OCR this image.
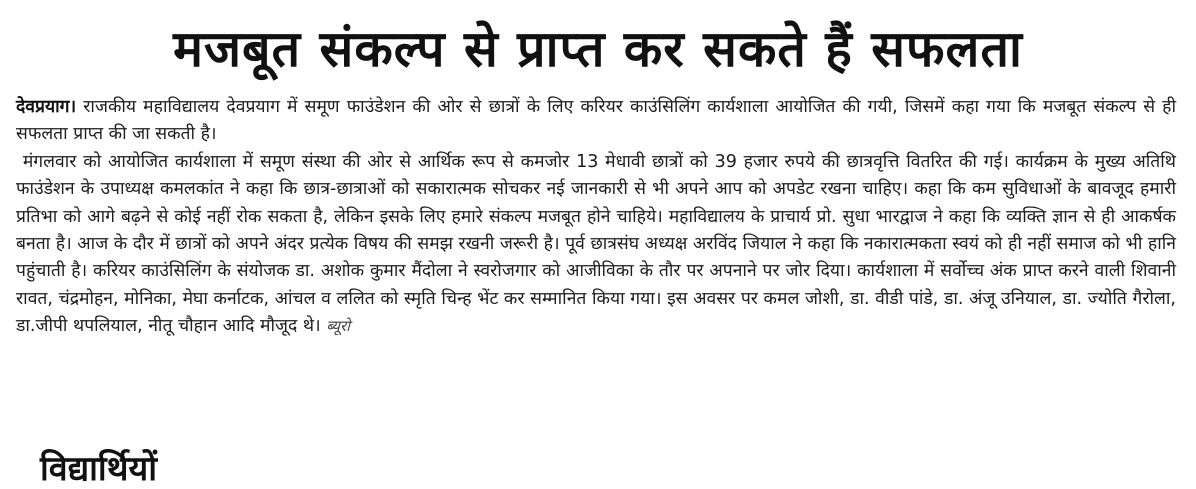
मजबूत संकल्प से प्राप्त कर सकते हैं सफलता

देवप्रयाग। राजकीय महाविद्यालय देवप्रयाग में समूण फाउंडेशन की ओर से छात्रों के लिए करियर काउंसिलिंग कार्यशाला आयोजित की गयी, जिसमें कहा गया कि मजबूत संकल्प से ही सफलता प्राप्त की जा सकती है।

मंगलवार को आयोजित कार्यशाला में समूण संस्था की ओर से आर्थिक रूप से कमजोर 13 मेधावी छात्रों को 39 हजार रुपये की छात्रवृत्ति वितरित की गई। कार्यक्रम के मुख्य अतिथि फाउंडेशन के उपाध्यक्ष कमलकांत ने कहा कि छात्र-छात्राओं को सकारात्मक सोचकर नई जानकारी से भी अपने आप को अपडेट रखना चाहिए। कहा कि कम सुविधाओं के बावजूद हमारी प्रतिभा को आगे बढ़ने से कोई नहीं रोक सकता है, लेकिन इसके लिए हमारे संकल्प मजबूत होने चाहिये। महाविद्यालय के प्राचार्य प्रो. सुधा भारद्वाज ने कहा कि व्यक्ति ज्ञान से ही आकर्षक बनता है। आज के दौर में छात्रों को अपने अंदर प्रत्येक विषय की समझ रखनी जरूरी है। पूर्व छात्रसंघ अध्यक्ष अरविंद जियाल ने कहा कि नकारात्मकता स्वयं को ही नहीं समाज को भी हानि पहुंचाती है। करियर काउंसिलिंग के संयोजक डा. अशोक कुमार मैंदोला ने स्वरोजगार को आजीविका के तौर पर अपनाने पर जोर दिया। कार्यशाला में सर्वोच्च अंक प्राप्त करने वाली शिवानी रावत, चंद्रमोहन, मोनिका, मेघा कर्नाटक, आंचल व ललित को स्मृति चिन्ह भेंट कर सम्मानित किया गया। इस अवसर पर कमल जोशी, डा. वीडी पांडे, डा. अंजू उनियाल, डा. ज्योति गैरोला, डा.जीपी थपलियाल, नीतू चौहान आदि मौजूद थे। ब्यूरो

विद्यार्थियों
